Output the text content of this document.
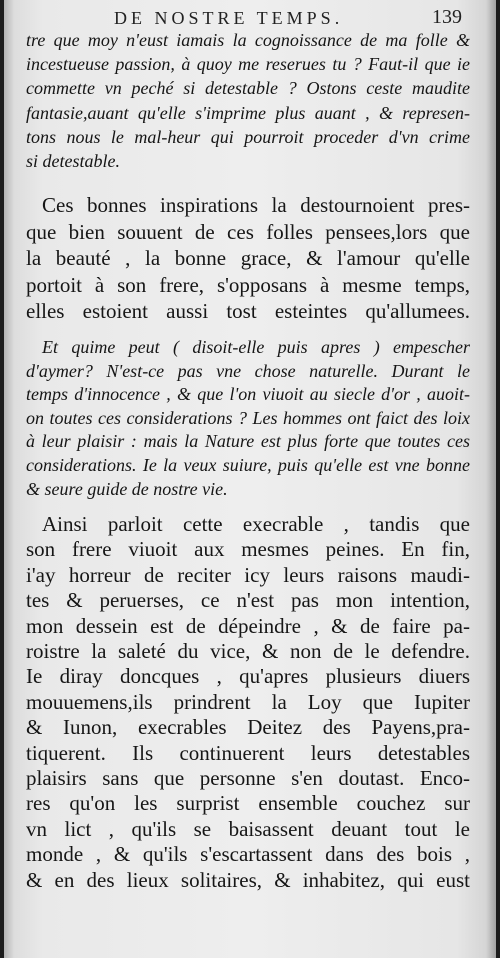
DE NOSTRE TEMPS.	139
tre que moy n'eust iamais la cognoissance de ma folle &
incestueuse passion, à quoy me reserues tu ? Faut-il que ie
commette vn peché si detestable ? Ostons ceste maudite
fantasie,auant qu'elle s'imprime plus auant , & represen-
tons nous le mal-heur qui pourroit proceder d'vn crime
si detestable.
Ces bonnes inspirations la destournoient pres-
que bien souuent de ces folles pensees,lors que
la beauté , la bonne grace, & l'amour qu'elle
portoit à son frere, s'opposans à mesme temps,
elles estoient aussi tost esteintes qu'allumees.
Et quime peut ( disoit-elle puis apres ) empescher
d'aymer? N'est-ce pas vne chose naturelle. Durant le
temps d'innocence , & que l'on viuoit au siecle d'or , auoit-
on toutes ces considerations ? Les hommes ont faict des loix
à leur plaisir : mais la Nature est plus forte que toutes ces
considerations. Ie la veux suiure, puis qu'elle est vne bonne
& seure guide de nostre vie.
Ainsi parloit cette execrable , tandis que
son frere viuoit aux mesmes peines. En fin,
i'ay horreur de reciter icy leurs raisons maudi-
tes & peruerses, ce n'est pas mon intention,
mon dessein est de dépeindre , & de faire pa-
roistre la saleté du vice, & non de le defendre.
Ie diray doncques , qu'apres plusieurs diuers
mouuemens,ils prindrent la Loy que Iupiter
& Iunon, execrables Deitez des Payens,pra-
tiquerent. Ils continuerent leurs detestables
plaisirs sans que personne s'en doutast. Enco-
res qu'on les surprist ensemble couchez sur
vn lict , qu'ils se baisassent deuant tout le
monde , & qu'ils s'escartassent dans des bois ,
& en des lieux solitaires, & inhabitez, qui eust
